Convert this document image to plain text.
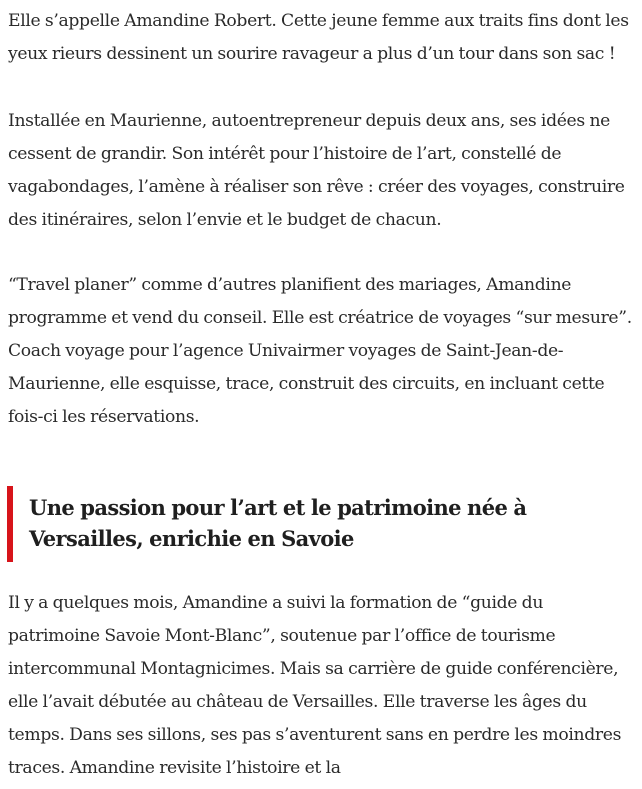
Elle s’appelle Amandine Robert. Cette jeune femme aux traits fins dont les yeux rieurs dessinent un sourire ravageur a plus d’un tour dans son sac !

Installée en Maurienne, autoentrepreneur depuis deux ans, ses idées ne cessent de grandir. Son intérêt pour l’histoire de l’art, constellé de vagabondages, l’amène à réaliser son rêve : créer des voyages, construire des itinéraires, selon l’envie et le budget de chacun.

“Travel planer” comme d’autres planifient des mariages, Amandine programme et vend du conseil. Elle est créatrice de voyages “sur mesure”. Coach voyage pour l’agence Univairmer voyages de Saint-Jean-de-Maurienne, elle esquisse, trace, construit des circuits, en incluant cette fois-ci les réservations.

Une passion pour l’art et le patrimoine née à Versailles, enrichie en Savoie

Il y a quelques mois, Amandine a suivi la formation de “guide du patrimoine Savoie Mont-Blanc”, soutenue par l’office de tourisme intercommunal Montagnicimes. Mais sa carrière de guide conférencière, elle l’avait débutée au château de Versailles. Elle traverse les âges du temps. Dans ses sillons, ses pas s’aventurent sans en perdre les moindres traces. Amandine revisite l’histoire et la
